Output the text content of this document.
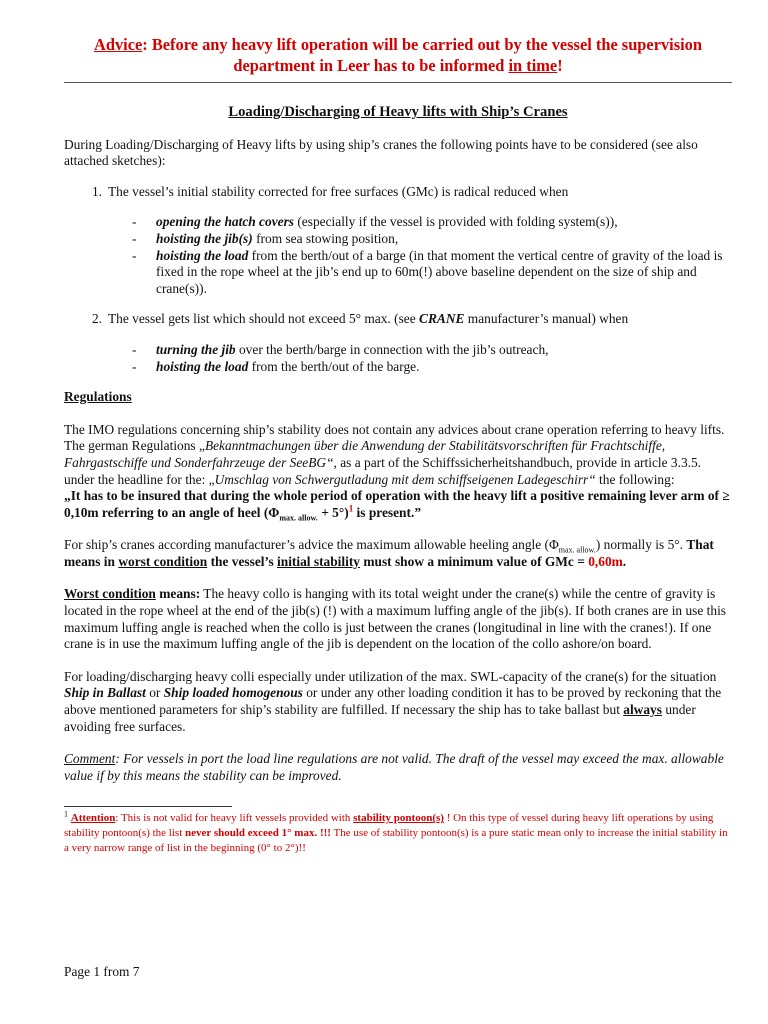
Advice: Before any heavy lift operation will be carried out by the vessel the supervision department in Leer has to be informed in time!

Loading/Discharging of Heavy lifts with Ship’s Cranes

During Loading/Discharging of Heavy lifts by using ship’s cranes the following points have to be considered (see also attached sketches):

1. The vessel’s initial stability corrected for free surfaces (GMc) is radical reduced when
-	opening the hatch covers (especially if the vessel is provided with folding system(s)),
-	hoisting the jib(s) from sea stowing position,
-	hoisting the load from the berth/out of a barge (in that moment the vertical centre of gravity of the load is fixed in the rope wheel at the jib’s end up to 60m(!) above baseline dependent on the size of ship and crane(s)).
2. The vessel gets list which should not exceed 5° max. (see CRANE manufacturer’s manual) when
-	turning the jib over the berth/barge in connection with the jib’s outreach,
-	hoisting the load from the berth/out of the barge.

Regulations

The IMO regulations concerning ship’s stability does not contain any advices about crane operation referring to heavy lifts.

The german Regulations „Bekanntmachungen über die Anwendung der Stabilitätsvorschriften für Frachtschiffe, Fahrgastschiffe und Sonderfahrzeuge der SeeBG“, as a part of the Schiffssicherheitshandbuch, provide in article 3.3.5. under the headline for the: „Umschlag von Schwergutladung mit dem schiffseigenen Ladegeschirr“ the following:

„It has to be insured that during the whole period of operation with the heavy lift a positive remaining lever arm of ≥ 0,10m referring to an angle of heel $(\Phi_{max. allow.} + 5^\circ)^1$ is present.”

For ship’s cranes according manufacturer’s advice the maximum allowable heeling angle $(\Phi_{max. allow.})$ normally is 5°. That means in worst condition the vessel’s initial stability must show a minimum value of GMc = 0,60m.

Worst condition means: The heavy collo is hanging with its total weight under the crane(s) while the centre of gravity is located in the rope wheel at the end of the jib(s) (!) with a maximum luffing angle of the jib(s). If both cranes are in use this maximum luffing angle is reached when the collo is just between the cranes (longitudinal in line with the cranes!). If one crane is in use the maximum luffing angle of the jib is dependent on the location of the collo ashore/on board.

For loading/discharging heavy colli especially under utilization of the max. SWL-capacity of the crane(s) for the situation Ship in Ballast or Ship loaded homogenous or under any other loading condition it has to be proved by reckoning that the above mentioned parameters for ship’s stability are fulfilled. If necessary the ship has to take ballast but always under avoiding free surfaces.

Comment: For vessels in port the load line regulations are not valid. The draft of the vessel may exceed the max. allowable value if by this means the stability can be improved.

$^1$ Attention: This is not valid for heavy lift vessels provided with stability pontoon(s) ! On this type of vessel during heavy lift operations by using stability pontoon(s) the list never should exceed 1° max. !!! The use of stability pontoon(s) is a pure static mean only to increase the initial stability in a very narrow range of list in the beginning (0° to 2°)!!

Page 1 from 7
